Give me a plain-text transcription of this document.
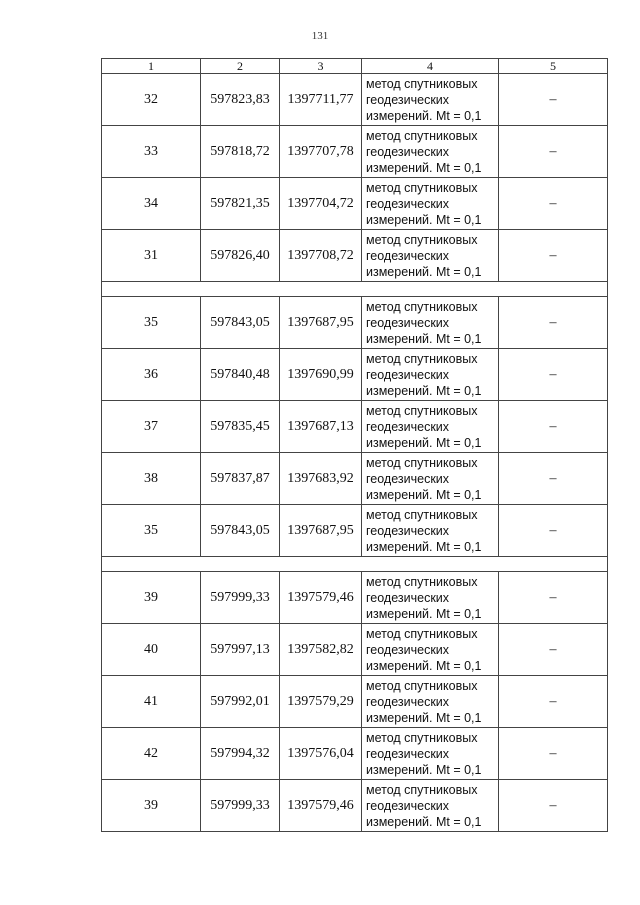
131
1	2	3	4	5
32	597823,83	1397711,77	метод спутниковых
геодезических
измерений. Mt = 0,1	–
33	597818,72	1397707,78	метод спутниковых
геодезических
измерений. Mt = 0,1	–
34	597821,35	1397704,72	метод спутниковых
геодезических
измерений. Mt = 0,1	–
31	597826,40	1397708,72	метод спутниковых
геодезических
измерений. Mt = 0,1	–

35	597843,05	1397687,95	метод спутниковых
геодезических
измерений. Mt = 0,1	–
36	597840,48	1397690,99	метод спутниковых
геодезических
измерений. Mt = 0,1	–
37	597835,45	1397687,13	метод спутниковых
геодезических
измерений. Mt = 0,1	–
38	597837,87	1397683,92	метод спутниковых
геодезических
измерений. Mt = 0,1	–
35	597843,05	1397687,95	метод спутниковых
геодезических
измерений. Mt = 0,1	–

39	597999,33	1397579,46	метод спутниковых
геодезических
измерений. Mt = 0,1	–
40	597997,13	1397582,82	метод спутниковых
геодезических
измерений. Mt = 0,1	–
41	597992,01	1397579,29	метод спутниковых
геодезических
измерений. Mt = 0,1	–
42	597994,32	1397576,04	метод спутниковых
геодезических
измерений. Mt = 0,1	–
39	597999,33	1397579,46	метод спутниковых
геодезических
измерений. Mt = 0,1	–
